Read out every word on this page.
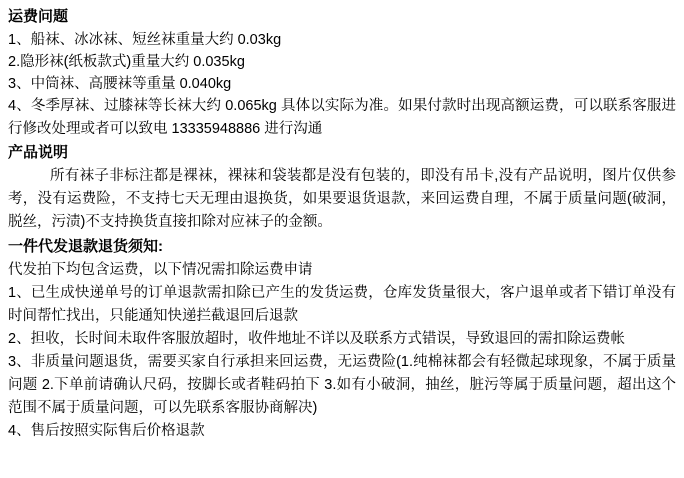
运费问题
1、船袜、冰冰袜、短丝袜重量大约 0.03kg
2.隐形袜(纸板款式)重量大约 0.035kg
3、中筒袜、高腰袜等重量 0.040kg
4、冬季厚袜、过膝袜等长袜大约 0.065kg 具体以实际为准。如果付款时出现高额运费，可以联系客服进行修改处理或者可以致电 13335948886 进行沟通
产品说明
所有袜子非标注都是裸袜，裸袜和袋装都是没有包装的，即没有吊卡,没有产品说明，图片仅供参考，没有运费险，不支持七天无理由退换货，如果要退货退款，来回运费自理，不属于质量问题(破洞，脱丝，污渍)不支持换货直接扣除对应袜子的金额。
一件代发退款退货须知:
代发拍下均包含运费，以下情况需扣除运费申请
1、已生成快递单号的订单退款需扣除已产生的发货运费，仓库发货量很大，客户退单或者下错订单没有时间帮忙找出，只能通知快递拦截退回后退款
2、担收，长时间未取件客服放超时，收件地址不详以及联系方式错误，导致退回的需扣除运费帐
3、非质量问题退货，需要买家自行承担来回运费，无运费险(1.纯棉袜都会有轻微起球现象，不属于质量问题 2.下单前请确认尺码，按脚长或者鞋码拍下 3.如有小破洞，抽丝，脏污等属于质量问题，超出这个范围不属于质量问题，可以先联系客服协商解决)
4、售后按照实际售后价格退款
